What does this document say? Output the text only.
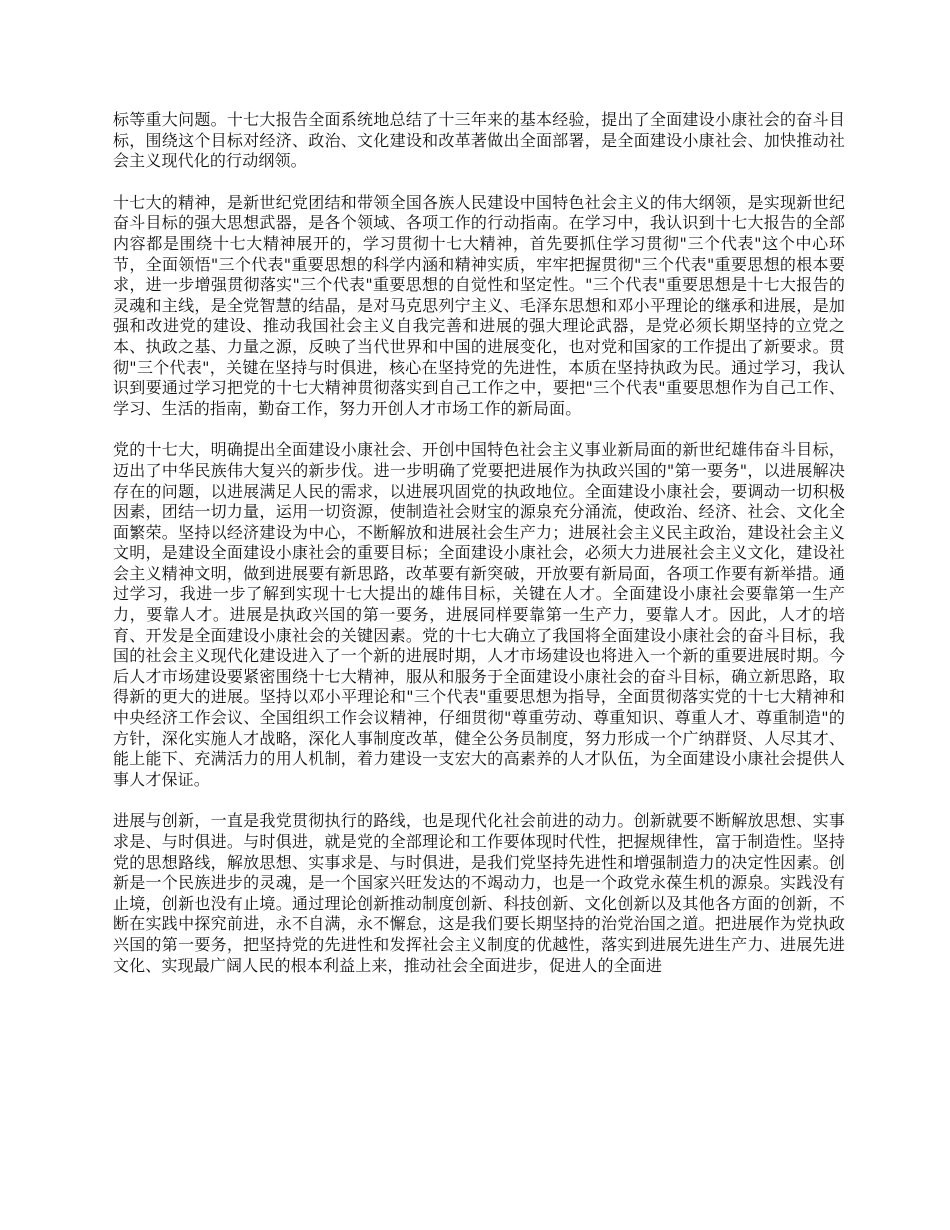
标等重大问题。十七大报告全面系统地总结了十三年来的基本经验，提出了全面建设小康社会的奋斗目标，围绕这个目标对经济、政治、文化建设和改革著做出全面部署，是全面建设小康社会、加快推动社会主义现代化的行动纲领。

十七大的精神，是新世纪党团结和带领全国各族人民建设中国特色社会主义的伟大纲领，是实现新世纪奋斗目标的强大思想武器，是各个领域、各项工作的行动指南。在学习中，我认识到十七大报告的全部内容都是围绕十七大精神展开的，学习贯彻十七大精神，首先要抓住学习贯彻"三个代表"这个中心环节，全面领悟"三个代表"重要思想的科学内涵和精神实质，牢牢把握贯彻"三个代表"重要思想的根本要求，进一步增强贯彻落实"三个代表"重要思想的自觉性和坚定性。"三个代表"重要思想是十七大报告的灵魂和主线，是全党智慧的结晶，是对马克思列宁主义、毛泽东思想和邓小平理论的继承和进展，是加强和改进党的建设、推动我国社会主义自我完善和进展的强大理论武器，是党必须长期坚持的立党之本、执政之基、力量之源，反映了当代世界和中国的进展变化，也对党和国家的工作提出了新要求。贯彻"三个代表"，关键在坚持与时俱进，核心在坚持党的先进性，本质在坚持执政为民。通过学习，我认识到要通过学习把党的十七大精神贯彻落实到自己工作之中，要把"三个代表"重要思想作为自己工作、学习、生活的指南，勤奋工作，努力开创人才市场工作的新局面。

党的十七大，明确提出全面建设小康社会、开创中国特色社会主义事业新局面的新世纪雄伟奋斗目标，迈出了中华民族伟大复兴的新步伐。进一步明确了党要把进展作为执政兴国的"第一要务"，以进展解决存在的问题，以进展满足人民的需求，以进展巩固党的执政地位。全面建设小康社会，要调动一切积极因素，团结一切力量，运用一切资源，使制造社会财宝的源泉充分涌流，使政治、经济、社会、文化全面繁荣。坚持以经济建设为中心，不断解放和进展社会生产力；进展社会主义民主政治，建设社会主义文明，是建设全面建设小康社会的重要目标；全面建设小康社会，必须大力进展社会主义文化，建设社会主义精神文明，做到进展要有新思路，改革要有新突破，开放要有新局面，各项工作要有新举措。通过学习，我进一步了解到实现十七大提出的雄伟目标，关键在人才。全面建设小康社会要靠第一生产力，要靠人才。进展是执政兴国的第一要务，进展同样要靠第一生产力，要靠人才。因此，人才的培育、开发是全面建设小康社会的关键因素。党的十七大确立了我国将全面建设小康社会的奋斗目标，我国的社会主义现代化建设进入了一个新的进展时期，人才市场建设也将进入一个新的重要进展时期。今后人才市场建设要紧密围绕十七大精神，服从和服务于全面建设小康社会的奋斗目标，确立新思路，取得新的更大的进展。坚持以邓小平理论和"三个代表"重要思想为指导，全面贯彻落实党的十七大精神和中央经济工作会议、全国组织工作会议精神，仔细贯彻"尊重劳动、尊重知识、尊重人才、尊重制造"的方针，深化实施人才战略，深化人事制度改革，健全公务员制度，努力形成一个广纳群贤、人尽其才、能上能下、充满活力的用人机制，着力建设一支宏大的高素养的人才队伍，为全面建设小康社会提供人事人才保证。

进展与创新，一直是我党贯彻执行的路线，也是现代化社会前进的动力。创新就要不断解放思想、实事求是、与时俱进。与时俱进，就是党的全部理论和工作要体现时代性，把握规律性，富于制造性。坚持党的思想路线，解放思想、实事求是、与时俱进，是我们党坚持先进性和增强制造力的决定性因素。创新是一个民族进步的灵魂，是一个国家兴旺发达的不竭动力，也是一个政党永葆生机的源泉。实践没有止境，创新也没有止境。通过理论创新推动制度创新、科技创新、文化创新以及其他各方面的创新，不断在实践中探究前进，永不自满，永不懈怠，这是我们要长期坚持的治党治国之道。把进展作为党执政兴国的第一要务，把坚持党的先进性和发挥社会主义制度的优越性，落实到进展先进生产力、进展先进文化、实现最广阔人民的根本利益上来，推动社会全面进步，促进人的全面进
